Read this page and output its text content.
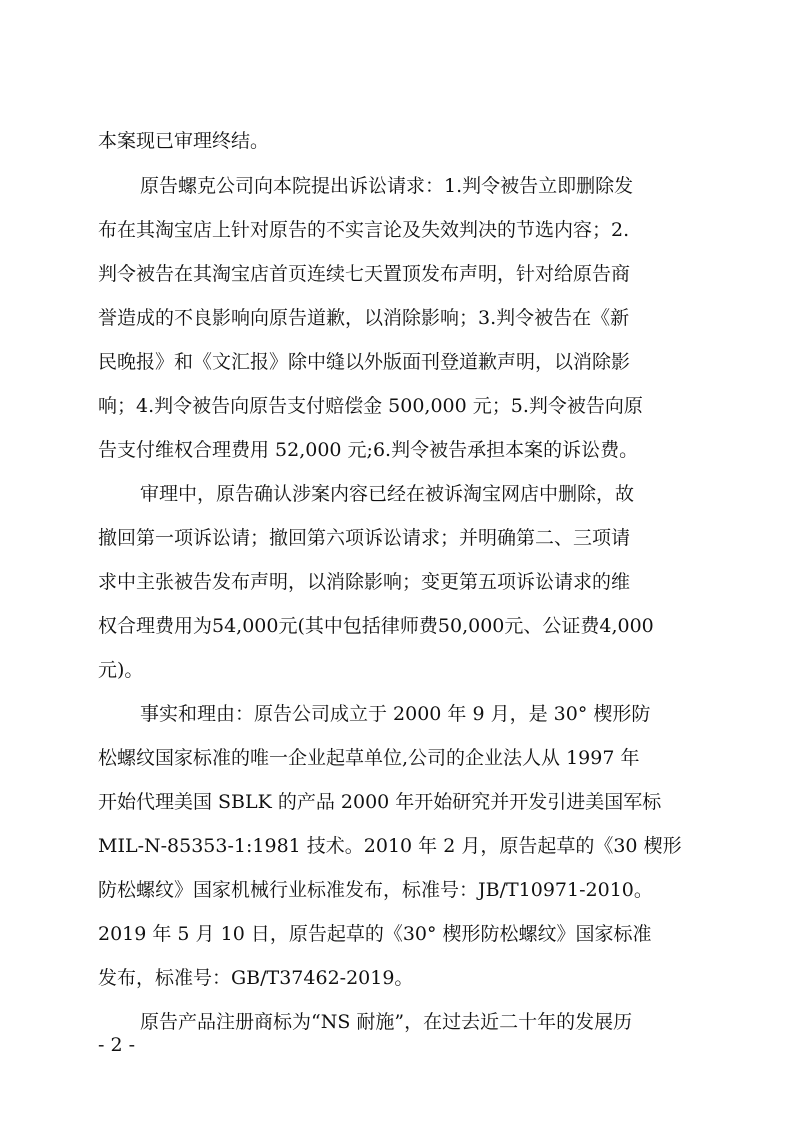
本案现已审理终结。
原告螺克公司向本院提出诉讼请求：1.判令被告立即删除发
布在其淘宝店上针对原告的不实言论及失效判决的节选内容；2.
判令被告在其淘宝店首页连续七天置顶发布声明，针对给原告商
誉造成的不良影响向原告道歉，以消除影响；3.判令被告在《新
民晚报》和《文汇报》除中缝以外版面刊登道歉声明，以消除影
响；4.判令被告向原告支付赔偿金 500,000 元；5.判令被告向原
告支付维权合理费用 52,000 元;6.判令被告承担本案的诉讼费。
审理中，原告确认涉案内容已经在被诉淘宝网店中删除，故
撤回第一项诉讼请；撤回第六项诉讼请求；并明确第二、三项请
求中主张被告发布声明，以消除影响；变更第五项诉讼请求的维
权合理费用为54,000元(其中包括律师费50,000元、公证费4,000
元)。
事实和理由：原告公司成立于 2000 年 9 月，是 30° 楔形防
松螺纹国家标准的唯一企业起草单位,公司的企业法人从 1997 年
开始代理美国 SBLK 的产品 2000 年开始研究并开发引进美国军标
MIL-N-85353-1:1981 技术。2010 年 2 月，原告起草的《30 楔形
防松螺纹》国家机械行业标准发布，标准号：JB/T10971-2010。
2019 年 5 月 10 日，原告起草的《30° 楔形防松螺纹》国家标准
发布，标准号：GB/T37462-2019。
原告产品注册商标为“NS 耐施”，在过去近二十年的发展历
- 2 -
